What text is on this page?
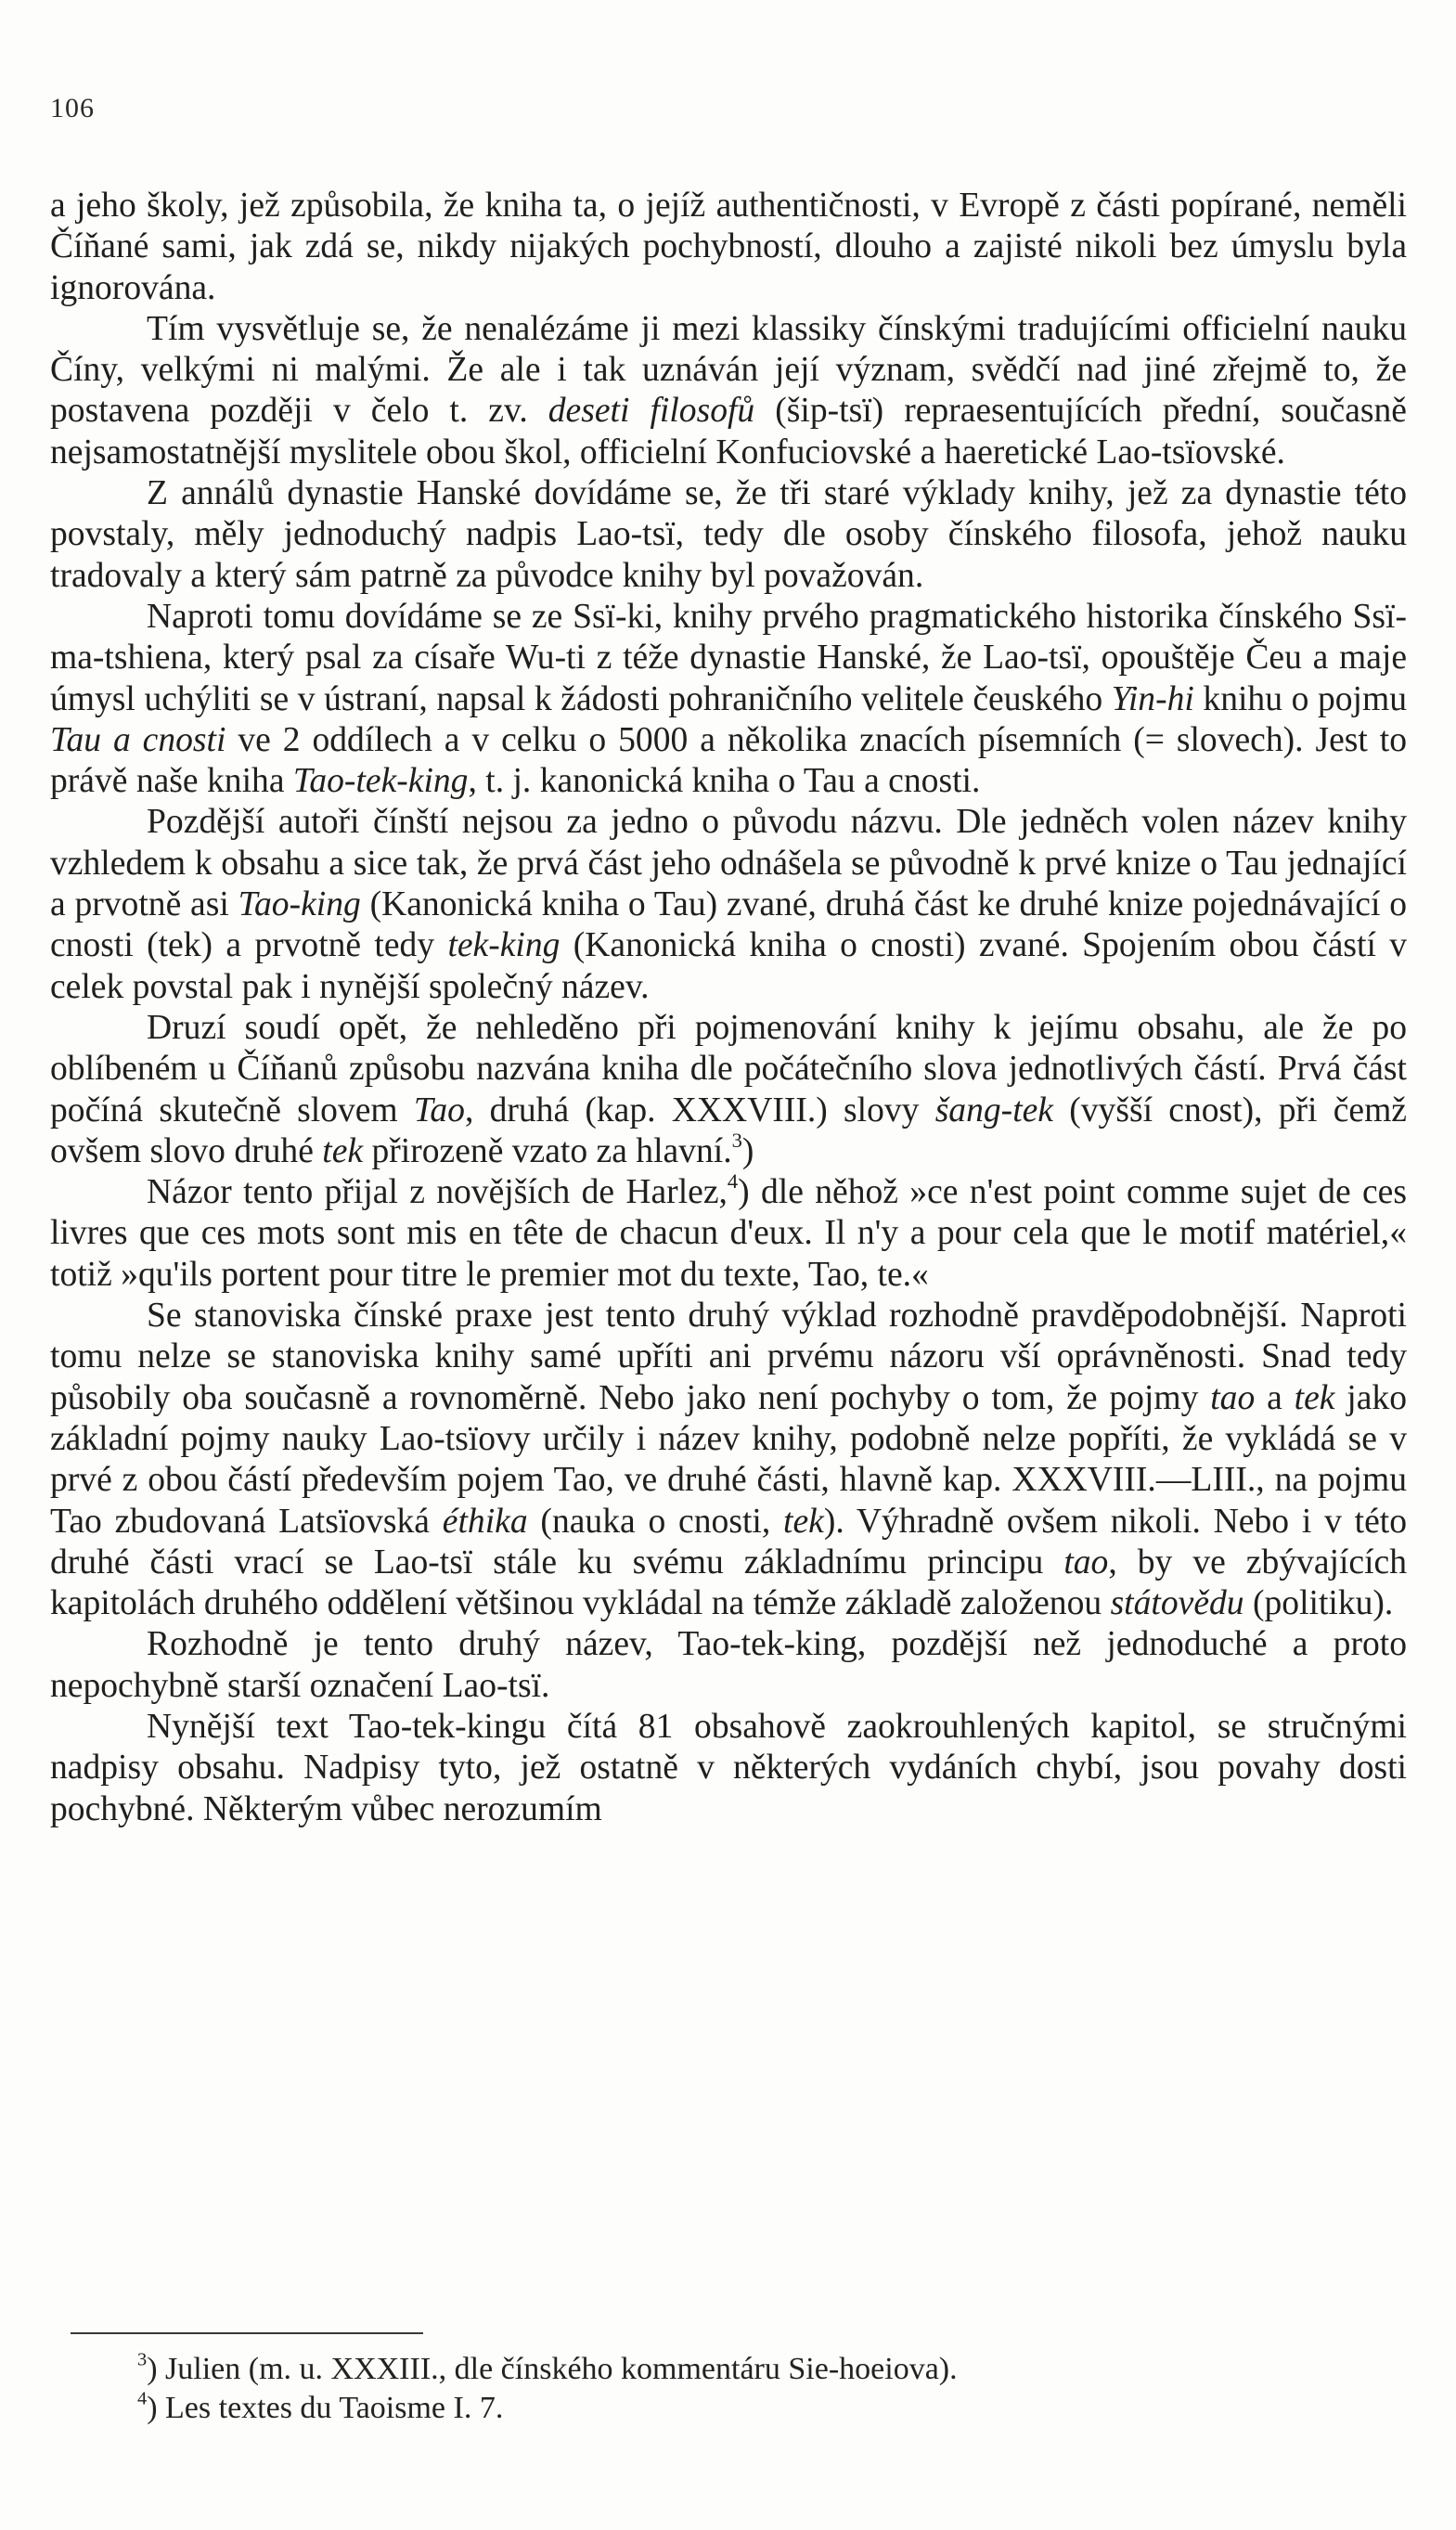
106

a jeho školy, jež způsobila, že kniha ta, o jejíž authentičnosti, v Evropě z části popírané, neměli Číňané sami, jak zdá se, nikdy nijakých pochybností, dlouho a zajisté nikoli bez úmyslu byla ignorována.

Tím vysvětluje se, že nenalézáme ji mezi klassiky čínskými tradujícími officielní nauku Číny, velkými ni malými. Že ale i tak uznáván její význam, svědčí nad jiné zřejmě to, že postavena později v čelo t. zv. deseti filosofů (šip-tsï) repraesentujících přední, současně nejsamostatnější myslitele obou škol, officielní Konfuciovské a haeretické Lao-tsïovské.

Z annálů dynastie Hanské dovídáme se, že tři staré výklady knihy, jež za dynastie této povstaly, měly jednoduchý nadpis Lao-tsï, tedy dle osoby čínského filosofa, jehož nauku tradovaly a který sám patrně za původce knihy byl považován.

Naproti tomu dovídáme se ze Ssï-ki, knihy prvého pragmatického historika čínského Ssï-ma-tshiena, který psal za císaře Wu-ti z téže dynastie Hanské, že Lao-tsï, opouštěje Čeu a maje úmysl uchýliti se v ústraní, napsal k žádosti pohraničního velitele čeuského Yin-hi knihu o pojmu Tau a cnosti ve 2 oddílech a v celku o 5000 a několika znacích písemních (= slovech). Jest to právě naše kniha Tao-tek-king, t. j. kanonická kniha o Tau a cnosti.

Pozdější autoři čínští nejsou za jedno o původu názvu. Dle jedněch volen název knihy vzhledem k obsahu a sice tak, že prvá část jeho odnášela se původně k prvé knize o Tau jednající a prvotně asi Tao-king (Kanonická kniha o Tau) zvané, druhá část ke druhé knize pojednávající o cnosti (tek) a prvotně tedy tek-king (Kanonická kniha o cnosti) zvané. Spojením obou částí v celek povstal pak i nynější společný název.

Druzí soudí opět, že nehleděno při pojmenování knihy k jejímu obsahu, ale že po oblíbeném u Číňanů způsobu nazvána kniha dle počátečního slova jednotlivých částí. Prvá část počíná skutečně slovem Tao, druhá (kap. XXXVIII.) slovy šang-tek (vyšší cnost), při čemž ovšem slovo druhé tek přirozeně vzato za hlavní.$^3$)

Názor tento přijal z novějších de Harlez,$^4$) dle něhož »ce n'est point comme sujet de ces livres que ces mots sont mis en tête de chacun d'eux. Il n'y a pour cela que le motif matériel,« totiž »qu'ils portent pour titre le premier mot du texte, Tao, te.«

Se stanoviska čínské praxe jest tento druhý výklad rozhodně pravděpodobnější. Naproti tomu nelze se stanoviska knihy samé upříti ani prvému názoru vší oprávněnosti. Snad tedy působily oba současně a rovnoměrně. Nebo jako není pochyby o tom, že pojmy tao a tek jako základní pojmy nauky Lao-tsïovy určily i název knihy, podobně nelze popříti, že vykládá se v prvé z obou částí především pojem Tao, ve druhé části, hlavně kap. XXXVIII.—LIII., na pojmu Tao zbudovaná Latsïovská éthika (nauka o cnosti, tek). Výhradně ovšem nikoli. Nebo i v této druhé části vrací se Lao-tsï stále ku svému základnímu principu tao, by ve zbývajících kapitolách druhého oddělení většinou vykládal na témže základě založenou státovědu (politiku).

Rozhodně je tento druhý název, Tao-tek-king, pozdější než jednoduché a proto nepochybně starší označení Lao-tsï.

Nynější text Tao-tek-kingu čítá 81 obsahově zaokrouhlených kapitol, se stručnými nadpisy obsahu. Nadpisy tyto, jež ostatně v některých vydáních chybí, jsou povahy dosti pochybné. Některým vůbec nerozumím

$^3$) Julien (m. u. XXXIII., dle čínského kommentáru Sie-hoeiova).
$^4$) Les textes du Taoisme I. 7.
